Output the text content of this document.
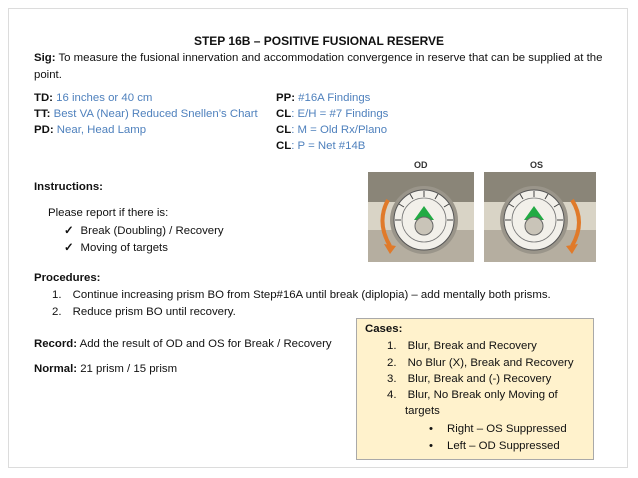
STEP 16B – POSITIVE FUSIONAL RESERVE
Sig: To measure the fusional innervation and accommodation convergence in reserve that can be supplied at the point.
TD: 16 inches or 40 cm
TT: Best VA (Near) Reduced Snellen’s Chart
PD: Near, Head Lamp
PP: #16A Findings
CL: E/H = #7 Findings
CL: M = Old Rx/Plano
CL: P = Net #14B
OD	OS
Instructions:
Please report if there is:
✓ Break (Doubling) / Recovery
✓ Moving of targets
Procedures:
1. Continue increasing prism BO from Step#16A until break (diplopia) – add mentally both prisms.
2. Reduce prism BO until recovery.
Record: Add the result of OD and OS for Break / Recovery
Normal: 21 prism / 15 prism
Cases:
1. Blur, Break and Recovery
2. No Blur (X), Break and Recovery
3. Blur, Break and (-) Recovery
4. Blur, No Break only Moving of
targets
• Right – OS Suppressed
• Left – OD Suppressed
